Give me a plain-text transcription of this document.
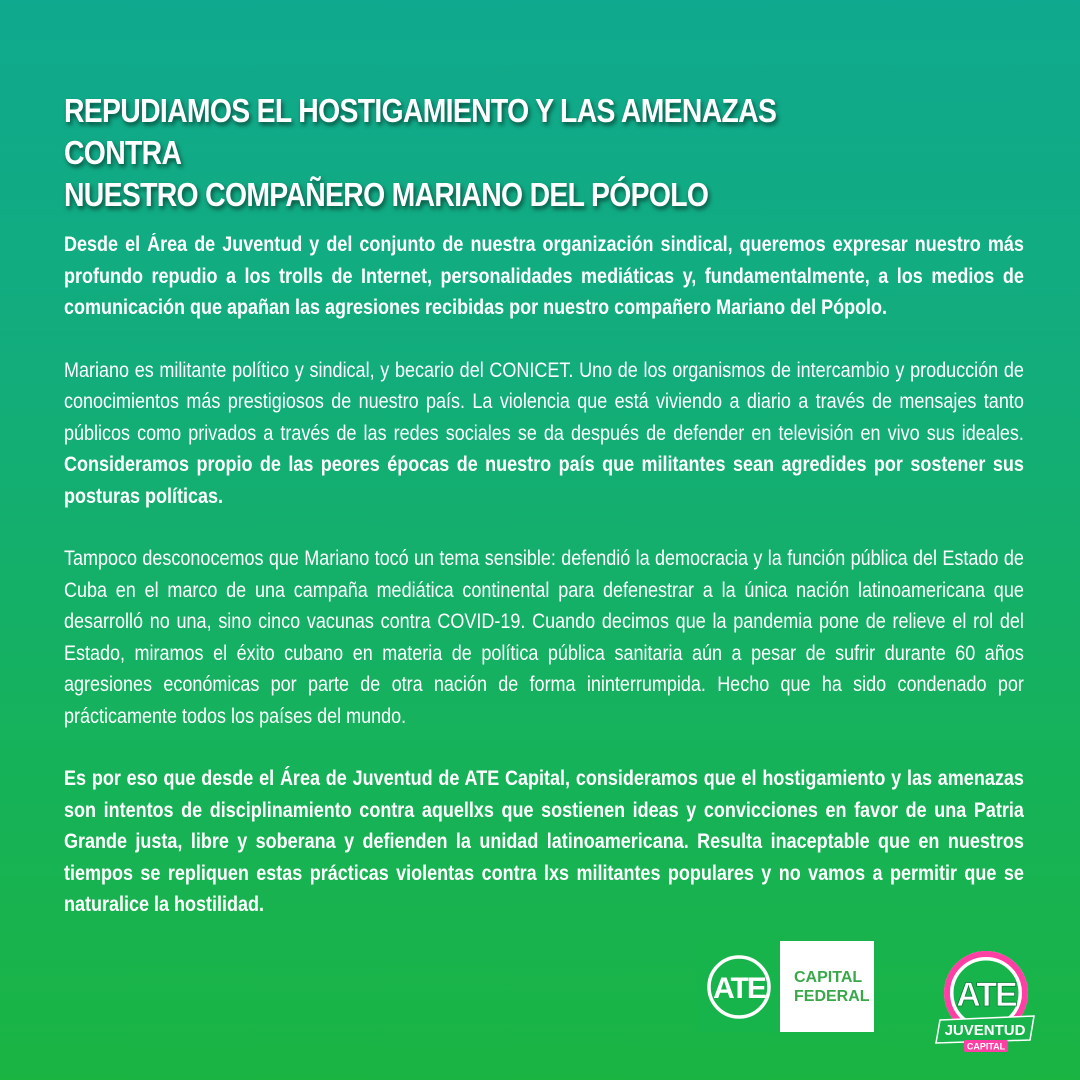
REPUDIAMOS EL HOSTIGAMIENTO Y LAS AMENAZAS CONTRA
NUESTRO COMPAÑERO MARIANO DEL PÓPOLO

Desde el Área de Juventud y del conjunto de nuestra organización sindical, queremos expresar nuestro más profundo repudio a los trolls de Internet, personalidades mediáticas y, fundamentalmente, a los medios de comunicación que apañan las agresiones recibidas por nuestro compañero Mariano del Pópolo.

Mariano es militante político y sindical, y becario del CONICET. Uno de los organismos de intercambio y producción de conocimientos más prestigiosos de nuestro país. La violencia que está viviendo a diario a través de mensajes tanto públicos como privados a través de las redes sociales se da después de defender en televisión en vivo sus ideales. Consideramos propio de las peores épocas de nuestro país que militantes sean agredides por sostener sus posturas políticas.

Tampoco desconocemos que Mariano tocó un tema sensible: defendió la democracia y la función pública del Estado de Cuba en el marco de una campaña mediática continental para defenestrar a la única nación latinoamericana que desarrolló no una, sino cinco vacunas contra COVID-19. Cuando decimos que la pandemia pone de relieve el rol del Estado, miramos el éxito cubano en materia de política pública sanitaria aún a pesar de sufrir durante 60 años agresiones económicas por parte de otra nación de forma ininterrumpida. Hecho que ha sido condenado por prácticamente todos los países del mundo.

Es por eso que desde el Área de Juventud de ATE Capital, consideramos que el hostigamiento y las amenazas son intentos de disciplinamiento contra aquellxs que sostienen ideas y convicciones en favor de una Patria Grande justa, libre y soberana y defienden la unidad latinoamericana. Resulta inaceptable que en nuestros tiempos se repliquen estas prácticas violentas contra lxs militantes populares y no vamos a permitir que se naturalice la hostilidad.

ATE CAPITAL
FEDERAL	ATE
JUVENTUD
CAPITAL
